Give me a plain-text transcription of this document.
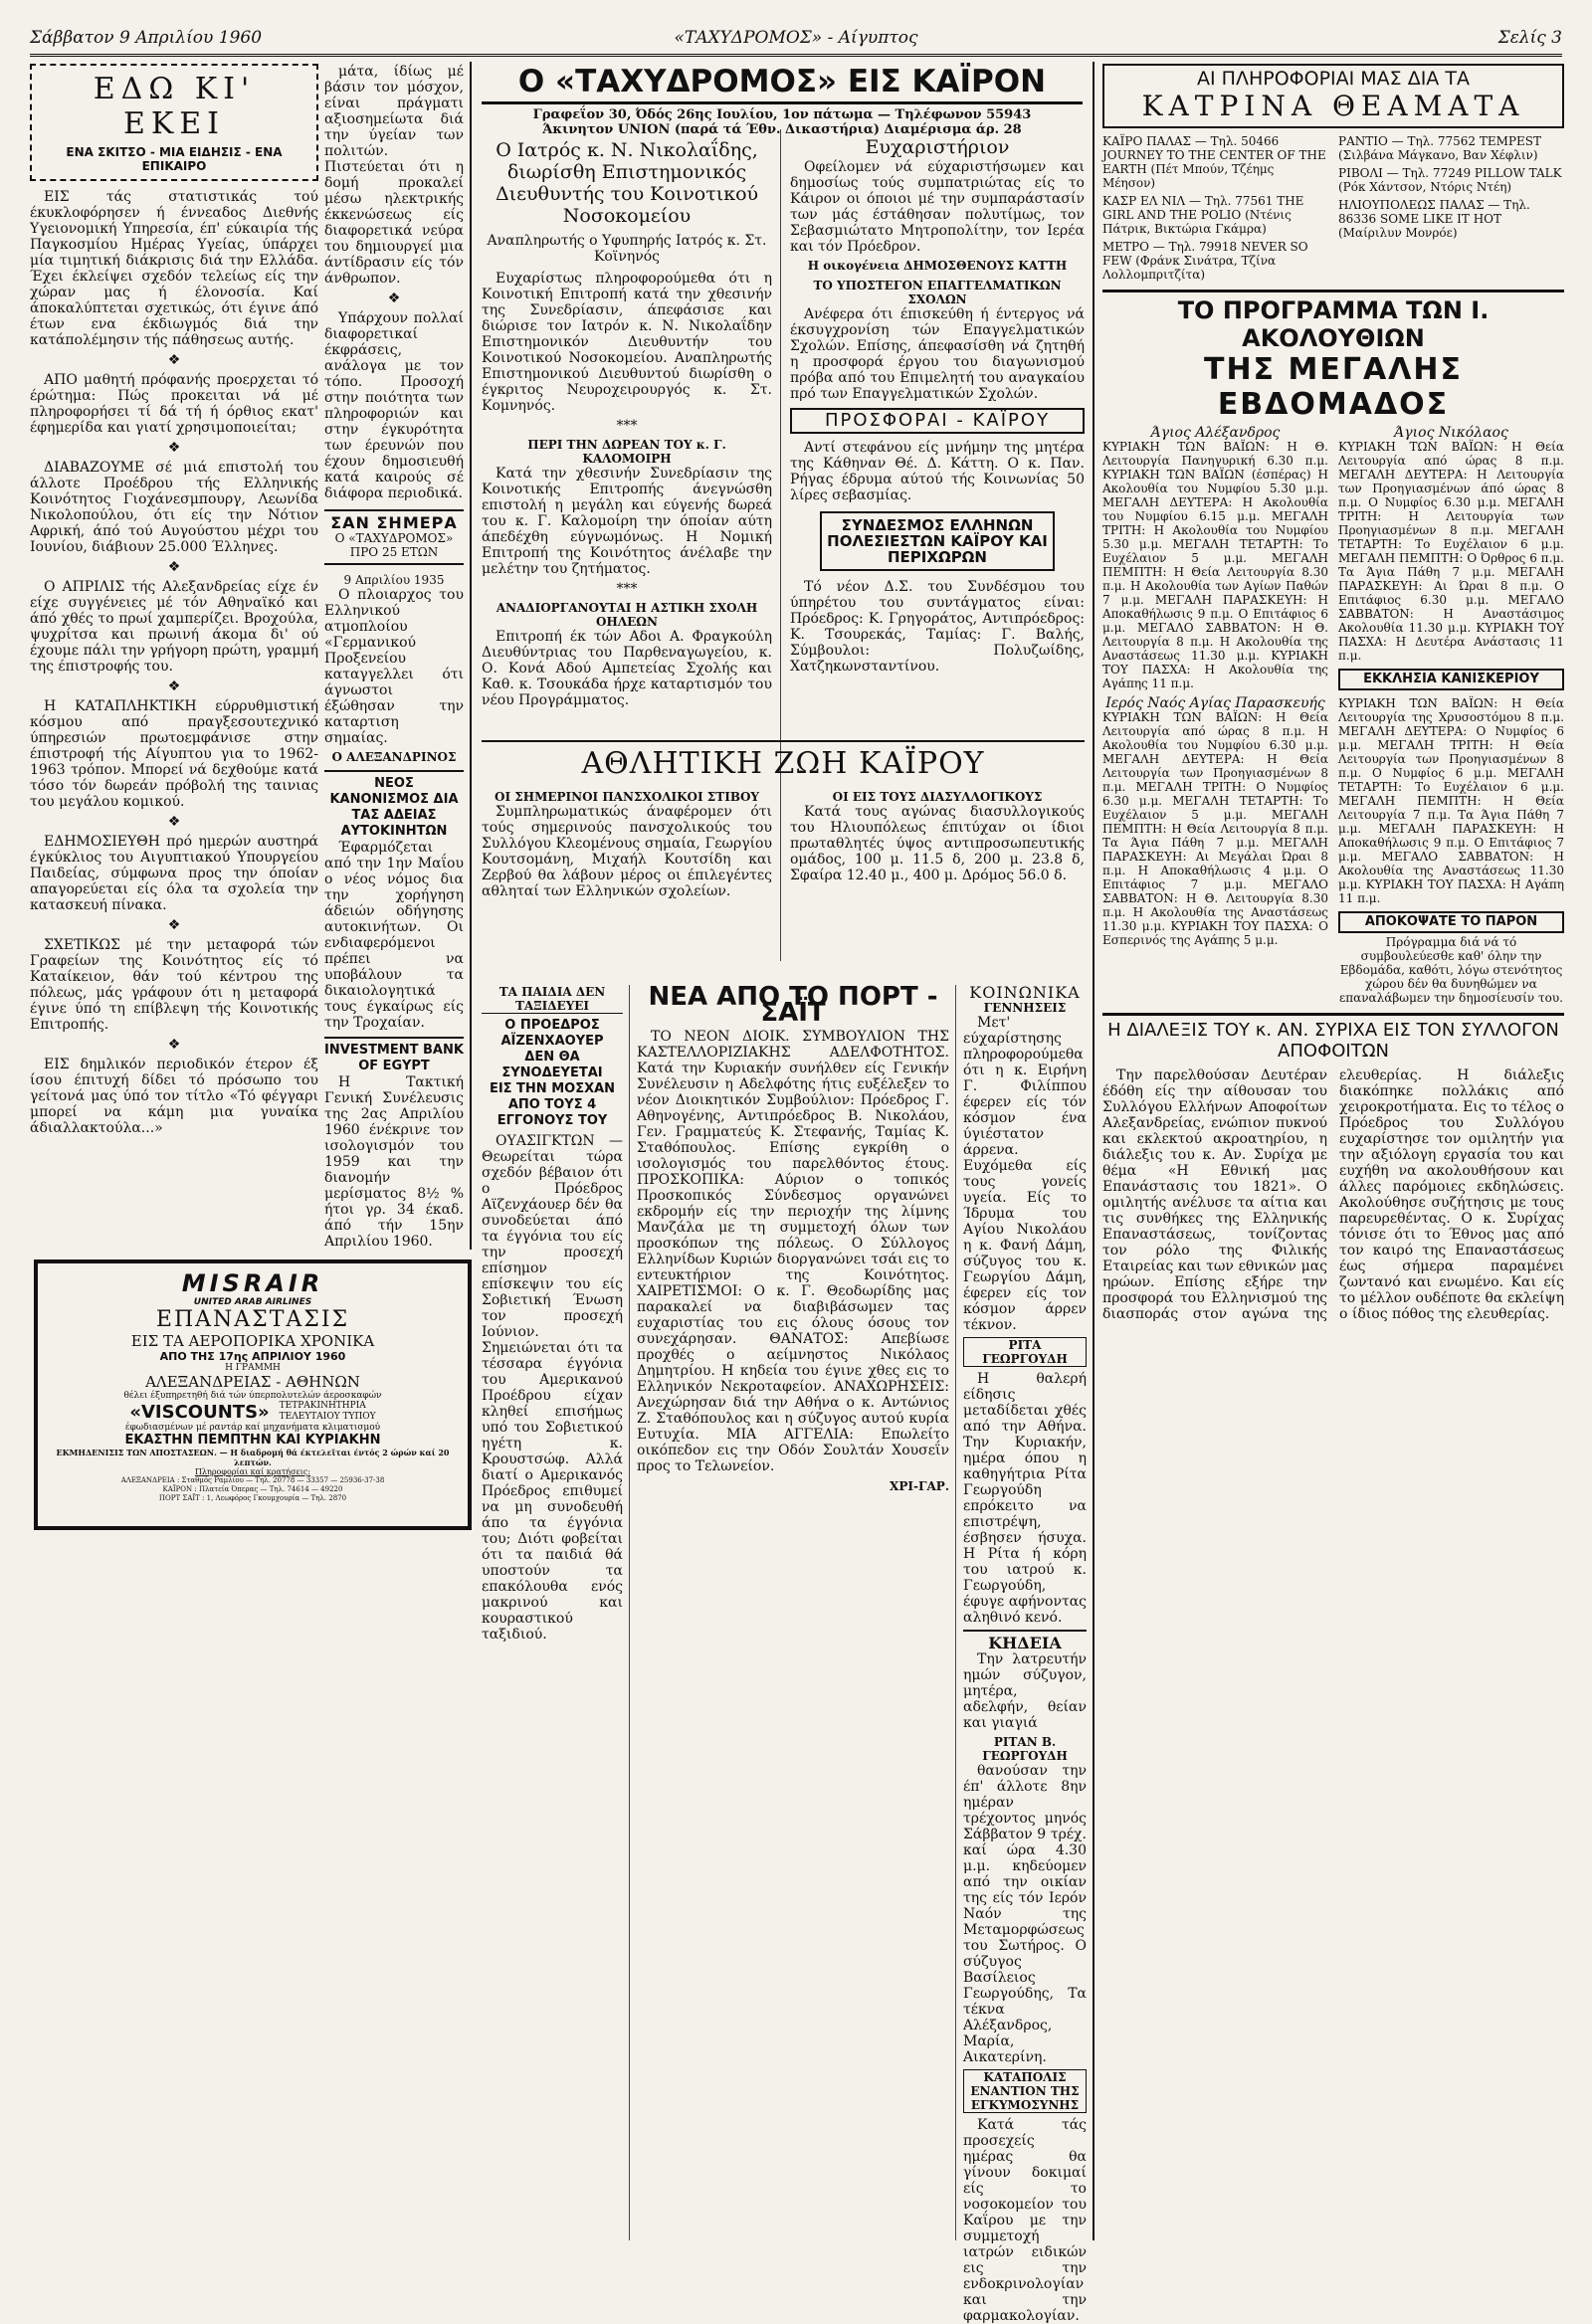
Σάββατον 9 Απριλίου 1960	«ΤΑΧΥΔΡΟΜΟΣ» - Αίγυπτος	Σελίς 3
ΕΔΩ ΚΙ' ΕΚΕΙ
ΕΝΑ ΣΚΙΤΣΟ - ΜΙΑ ΕΙΔΗΣΙΣ - ΕΝΑ ΕΠΙΚΑΙΡΟ

ΕΙΣ τάς στατιστικάς τού έκυκλοφόρησεν ή έννεαδος Διεθνής Υγειονομική Υπηρεσία, έπ' εύκαιρία τής Παγκοσμίου Ημέρας Υγείας, ύπάρχει μία τιμητική διάκρισις διά την Ελλάδα. Έχει έκλείψει σχεδόν τελείως είς την χώραν μας ή έλονοσία. Καί άποκαλύπτεται σχετικώς, ότι έγινε άπό έτων ενα έκδιωγμός διά την κατάπολέμησιν τής πάθησεως αυτής.

❖

ΑΠΟ μαθητή πρόφανής προερχεται τό έρώτημα: Πώς προκειται νά μέ πληροφορήσει τί δά τή ή όρθιος εκατ' έφημερίδα και γιατί χρησιμοποιείται;

❖

ΔΙΑΒΑΖΟΥΜΕ σέ μιά επιστολή του άλλοτε Προέδρου τής Ελληνικής Κοινότητος Γιοχάνεσμπουργ, Λεωνίδα Νικολοπούλου, ότι είς την Νότιον Αφρική, άπό τού Αυγούστου μέχρι του Ιουνίου, διάβιουν 25.000 Έλληνες.

❖

Ο ΑΠΡΙΛΙΣ τής Αλεξανδρείας είχε έν είχε συγγένειες μέ τόν Αθηναϊκό και άπό χθές το πρωί χαμπερίζει. Βροχούλα, ψυχρίτσα και πρωινή άκομα δι' ού έχουμε πάλι την γρήγορη πρώτη, γραμμή της έπιστροφής του.

❖

Η ΚΑΤΑΠΛΗΚΤΙΚΗ εύρρυθμιστική κόσμου από πραγξεσουτεχνικό ύπηρεσιών πρωτοεμφάνισε στην έπιστροφή τής Αίγυπτου για το 1962-1963 τρόπον. Μπορεί νά δεχθούμε κατά τόσο τόν δωρεάν πρόβολή της ταινιας του μεγάλου κομικού.

❖

ΕΔΗΜΟΣΙΕΥΘΗ πρό ημερών αυστηρά έγκύκλιος του Αιγυπτιακού Υπουργείου Παιδείας, σύμφωνα προς την όποίαν απαγορεύεται είς όλα τα σχολεία την κατασκευή πίνακα.

❖

ΣΧΕΤΙΚΩΣ μέ την μεταφορά τών Γραφείων της Κοινότητος είς τό Καταίκειον, θάν τού κέντρου της πόλεως, μάς γράφουν ότι η μεταφορά έγινε ύπό τη επίβλεψη τής Κοινοτικής Επιτροπής.

❖

ΕΙΣ δημλικόν περιοδικόν έτερον έξ ίσου έπιτυχή δίδει τό πρόσωπο του γείτονά μας ύπό τον τίτλο «Τό φέγγαρι μπορεί να κάμη μια γυναίκα άδιαλλακτούλα...»

μάτα, ίδίως μέ βάσιν τον μόσχον, είναι πράγματι αξιοσημείωτα διά την ύγείαν των πολιτών. Πιστεύεται ότι η δομή προκαλεί μέσω ηλεκτρικής έκκενώσεως είς διαφορετικά νεύρα του δημιουργεί μια άντίδρασιν είς τόν άνθρωπον.

❖

Υπάρχουν πολλαί διαφορετικαί έκφράσεις, ανάλογα με τον τόπο. Προσοχή στην ποιότητα των πληροφοριών και στην έγκυρότητα των έρευνών που έχουν δημοσιευθή κατά καιρούς σέ διάφορα περιοδικά.

ΣΑΝ ΣΗΜΕΡΑ
Ο «ΤΑΧΥΔΡΟΜΟΣ» ΠΡΟ 25 ΕΤΩΝ
9 Απριλίου 1935

Ο πλοιαρχος του Ελληνικού ατμοπλοίου «Γερμανικού Προξενείου καταγγελλει ότι άγνωστοι έξώθησαν την καταρτιση σημαίας.

Ο ΑΛΕΞΑΝΔΡΙΝΟΣ
ΝΕΟΣ ΚΑΝΟΝΙΣΜΟΣ ΔΙΑ ΤΑΣ ΑΔΕΙΑΣ ΑΥΤΟΚΙΝΗΤΩΝ

Έφαρμόζεται από την 1ην Μαΐου ο νέος νόμος δια την χορήγηση άδειών οδήγησης αυτοκινήτων. Οι ενδιαφερόμενοι πρέπει να υποβάλουν τα δικαιολογητικά τους έγκαίρως είς την Τροχαίαν.

INVESTMENT BANK OF EGYPT

Η Τακτική Γενική Συνέλευσις της 2ας Απριλίου 1960 ένέκρινε τον ισολογισμόν του 1959 και την διανομήν μερίσματος 8½ % ήτοι γρ. 34 έκαδ. άπό τήν 15ην Απριλίου 1960.

Ο «ΤΑΧΥΔΡΟΜΟΣ» ΕΙΣ ΚΑΪΡΟΝ
Γραφεΐον 30, Όδός 26ης Ιουλίου, 1ον πάτωμα — Τηλέφωνον 55943
Άκινητον UNION (παρά τά Έθν. Δικαστήρια) Διαμέρισμα άρ. 28
Ο Ιατρός κ. Ν. Νικολαΐδης, διωρίσθη Επιστημονικός Διευθυντής του Κοινοτικού Νοσοκομείου
Αναπληρωτής ο Υφυπηρής Ιατρός κ. Στ. Κοϊνηνός

Ευχαρίστως πληροφορούμεθα ότι η Κοινοτική Επιτροπή κατά την χθεσινήν της Συνεδρίασιν, άπεφάσισε και διώρισε τον Ιατρόν κ. Ν. Νικολαΐδην Επιστημονικόν Διευθυντήν του Κοινοτικού Νοσοκομείου. Αναπληρωτής Επιστημονικού Διευθυντού διωρίσθη ο έγκριτος Νευροχειρουργός κ. Στ. Κομνηνός.

***
ΠΕΡΙ ΤΗΝ ΔΩΡΕΑΝ ΤΟΥ κ. Γ. ΚΑΛΟΜΟΙΡΗ

Κατά την χθεσινήν Συνεδρίασιν της Κοινοτικής Επιτροπής άνεγνώσθη επιστολή η μεγάλη και εύγενής δωρεά του κ. Γ. Καλομοίρη την όποίαν αύτη άπεδέχθη εύγνωμόνως. Η Νομική Επιτροπή της Κοινότητος άνέλαβε την μελέτην του ζητήματος.

***
ΑΝΑΔΙΟΡΓΑΝΟΥΤΑΙ Η ΑΣΤΙΚΗ ΣΧΟΛΗ ΟΗΛΕΩΝ

Επιτροπή έκ τών Αδοι Α. Φραγκούλη Διευθύντριας του Παρθεναγωγείου, κ. Ο. Κονά Αδού Αμπετείας Σχολής και Καθ. κ. Τσουκάδα ήρχε καταρτισμόν του νέου Προγράμματος.

Ευχαριστήριον

Οφείλομεν νά εύχαριστήσωμεν και δημοσίως τούς συμπατριώτας είς το Κάιρον οι όποιοι μέ την συμπαράστασίν των μάς έστάθησαν πολυτίμως, τον Σεβασμιώτατο Μητροπολίτην, τον Ιερέα και τόν Πρόεδρον.

Η οικογένεια ΔΗΜΟΣΘΕΝΟΥΣ ΚΑΤΤΗ
ΤΟ ΥΠΟΣΤΕΓΟΝ ΕΠΑΓΓΕΛΜΑΤΙΚΩΝ ΣΧΟΛΩΝ

Ανέφερα ότι έπισκεύθη ή έντεργος νά έκσυγχρονίση τών Επαγγελματικών Σχολών. Επίσης, άπεφασίσθη νά ζητηθή η προσφορά έργου του διαγωνισμού πρόβα από του Επιμελητή του αναγκαίου πρό των Επαγγελματικών Σχολών.

ΠΡΟΣΦΟΡΑΙ - ΚΑΪΡΟΥ

Αντί στεφάνου είς μνήμην της μητέρα της Κάθηναν Θέ. Δ. Κάττη. Ο κ. Παν. Ρήγας έδρυμα αύτού τής Κοινωνίας 50 λίρες σεβασμίας.

ΣΥΝΔΕΣΜΟΣ ΕΛΛΗΝΩΝ ΠΟΛΕΣΙΕΣΤΩΝ ΚΑΪΡΟΥ ΚΑΙ ΠΕΡΙΧΩΡΩΝ

Τό νέον Δ.Σ. του Συνδέσμου του ύπηρέτου του συντάγματος είναι: Πρόεδρος: Κ. Γρηγοράτος, Αντιπρόεδρος: Κ. Τσουρεκάς, Ταμίας: Γ. Βαλής, Σύμβουλοι: Πολυζωίδης, Χατζηκωνσταντίνου.

ΑΘΛΗΤΙΚΗ ΖΩΗ ΚΑΪΡΟΥ
ΟΙ ΣΗΜΕΡΙΝΟΙ ΠΑΝΣΧΟΛΙΚΟΙ ΣΤΙΒΟΥ

Συμπληρωματικώς άναφέρομεν ότι τούς σημερινούς πανσχολικούς του Συλλόγου Κλεομένους σημαία, Γεωργίου Κουτσομάνη, Μιχαήλ Κουτσίδη και Ζερβού θα λάβουν μέρος οι έπιλεγέντες αθληταί των Ελληνικών σχολείων.

ΟΙ ΕΙΣ ΤΟΥΣ ΔΙΑΣΥΛΛΟΓΙΚΟΥΣ

Κατά τους αγώνας διασυλλογικούς του Ηλιουπόλεως έπιτύχαν οι ίδιοι πρωταθλητές ύψος αντιπροσωπευτικής ομάδος, 100 μ. 11.5 δ, 200 μ. 23.8 δ, Σφαίρα 12.40 μ., 400 μ. Δρόμος 56.0 δ.

ΤΑ ΠΑΙΔΙΑ ΔΕΝ ΤΑΞΙΔΕΥΕΙ
Ο ΠΡΟΕΔΡΟΣ ΑΪΖΕΝΧΑΟΥΕΡ
ΔΕΝ ΘΑ ΣΥΝΟΔΕΥΕΤΑΙ
ΕΙΣ ΤΗΝ ΜΟΣΧΑΝ
ΑΠΟ ΤΟΥΣ 4 ΕΓΓΟΝΟΥΣ ΤΟΥ

ΟΥΑΣΙΓΚΤΩΝ — Θεωρείται τώρα σχεδόν βέβαιον ότι ο Πρόεδρος Αϊζενχάουερ δέν θα συνοδεύεται άπό τα έγγόνια του είς την προσεχή επίσημον επίσκεψιν του είς Σοβιετική Ένωση τον προσεχή Ιούνιον. Σημειώνεται ότι τα τέσσαρα έγγόνια του Αμερικανού Προέδρου είχαν κληθεί επισήμως υπό του Σοβιετικού ηγέτη κ. Κρουστσώφ. Αλλά διατί ο Αμερικανός Πρόεδρος επιθυμεί να μη συνοδευθή άπο τα έγγόνια του; Διότι φοβείται ότι τα παιδιά θά υποστούν τα επακόλουθα ενός μακρινού και κουραστικού ταξιδιού.

ΝΕΑ ΑΠΟ ΤΟ ΠΟΡΤ - ΣΑΪΤ

ΤΟ ΝΕΟΝ ΔΙΟΙΚ. ΣΥΜΒΟΥΛΙΟΝ ΤΗΣ ΚΑΣΤΕΛΛΟΡΙΖΙΑΚΗΣ ΑΔΕΛΦΟΤΗΤΟΣ. Κατά την Κυριακήν συνήλθεν είς Γενικήν Συνέλευσιν η Αδελφότης ήτις ευξέλεξεν το νέον Διοικητικόν Συμβούλιον: Πρόεδρος Γ. Αθηνογένης, Αντιπρόεδρος Β. Νικολάου, Γεν. Γραμματεύς Κ. Στεφανής, Ταμίας Κ. Σταθόπουλος. Επίσης εγκρίθη ο ισολογισμός του παρελθόντος έτους. ΠΡΟΣΚΟΠΙΚΑ: Αύριον ο τοπικός Προσκοπικός Σύνδεσμος οργανώνει εκδρομήν είς την περιοχήν της λίμνης Μανζάλα με τη συμμετοχή όλων των προσκόπων της πόλεως. Ο Σύλλογος Ελληνίδων Κυριών διοργανώνει τσάι εις το εντευκτήριον της Κοινότητος. ΧΑΙΡΕΤΙΣΜΟΙ: Ο κ. Γ. Θεοδωρίδης μας παρακαλεί να διαβιβάσωμεν τας ευχαριστίας του εις όλους όσους τον συνεχάρησαν. ΘΑΝΑΤΟΣ: Απεβίωσε προχθές ο αείμνηστος Νικόλαος Δημητρίου. Η κηδεία του έγινε χθες εις το Ελληνικόν Νεκροταφείον. ΑΝΑΧΩΡΗΣΕΙΣ: Ανεχώρησαν διά την Αθήνα ο κ. Αντώνιος Ζ. Σταθόπουλος και η σύζυγος αυτού κυρία Ευτυχία. ΜΙΑ ΑΓΓΕΛΙΑ: Επωλείτο οικόπεδον εις την Οδόν Σουλτάν Χουσεΐν προς το Τελωνείον.

ΧΡΙ-ΓΑΡ.
ΚΟΙΝΩΝΙΚΑ
ΓΕΝΝΗΣΕΙΣ

Μετ' εύχαρίστησης πληροφορούμεθα ότι η κ. Ειρήνη Γ. Φιλίππου έφερεν είς τόν κόσμον ένα ύγιέστατον άρρενα. Ευχόμεθα είς τους γονείς υγεία. Είς το Ίδρυμα του Αγίου Νικολάου η κ. Φανή Δάμη, σύζυγος του κ. Γεωργίου Δάμη, έφερεν είς τον κόσμον άρρεν τέκνον.

ΡΙΤΑ ΓΕΩΡΓΟΥΔΗ

Η θαλερή είδησις μεταδίδεται χθές από την Αθήνα. Την Κυριακήν, ημέρα όπου η καθηγήτρια Ρίτα Γεωργούδη επρόκειτο να επιστρέψη, έσβησεν ήσυχα. Η Ρίτα ή κόρη του ιατρού κ. Γεωργούδη, έφυγε αφήνοντας αληθινό κενό.

ΚΗΔΕΙΑ

Την λατρευτήν ημών σύζυγον, μητέρα, αδελφήν, θείαν και γιαγιά

ΡΙΤΑΝ Β. ΓΕΩΡΓΟΥΔΗ

θανούσαν την έπ' άλλοτε 8ην ημέραν τρέχοντος μηνός Σάββατον 9 τρέχ. καί ώρα 4.30 μ.μ. κηδεύομεν από την οικίαν της είς τόν Ιερόν Ναόν της Μεταμορφώσεως του Σωτήρος. Ο σύζυγος Βασίλειος Γεωργούδης, Τα τέκνα Αλέξανδρος, Μαρία, Αικατερίνη.

ΚΑΤΑΠΟΛΙΣ ΕΝΑΝΤΙΟΝ ΤΗΣ ΕΓΚΥΜΟΣΥΝΗΣ

Κατά τάς προσεχείς ημέρας θα γίνουν δοκιμαί είς το νοσοκομείον του Καΐρου με την συμμετοχή ιατρών ειδικών εις την ενδοκρινολογίαν και την φαρμακολογίαν.

MISRAIR
UNITED ARAB AIRLINES
ΕΠΑΝΑΣΤΑΣΙΣ
ΕΙΣ ΤΑ ΑΕΡΟΠΟΡΙΚΑ ΧΡΟΝΙΚΑ
ΑΠΟ ΤΗΣ 17ης ΑΠΡΙΛΙΟΥ 1960
Η ΓΡΑΜΜΗ
ΑΛΕΞΑΝΔΡΕΙΑΣ - ΑΘΗΝΩΝ
θέλει έξυπηρετηθή διά τών ύπερπολυτελών άεροσκαφών
«VISCOUNTS» ΤΕΤΡΑΚΙΝΗΤΗΡΙΑ
ΤΕΛΕΥΤΑΙΟΥ ΤΥΠΟΥ
έφωδιασμένων μέ ραντάρ καί μηχανήματα κλιματισμού
ΕΚΑΣΤΗΝ ΠΕΜΠΤΗΝ ΚΑΙ ΚΥΡΙΑΚΗΝ
ΕΚΜΗΔΕΝΙΣΙΣ ΤΩΝ ΑΠΟΣΤΑΣΕΩΝ. — Η διαδρομή θά έκτελεῖται έντός 2 ώρών καί 20 λεπτών.
Πληροφορίαι καί κρατήσεις:
ΑΛΕΞΑΝΔΡΕΙΑ : Σταθμός Ραμλίου — Τηλ. 20778 — 33357 — 25936-37-38
ΚΑΪΡΟΝ : Πλατεία Όπερας — Τηλ. 74614 — 49220
ΠΟΡΤ ΣΑΪΤ : 1, Λεωφόρος Γκουμχουρία — Τηλ. 2870
ΑΙ ΠΛΗΡΟΦΟΡΙΑΙ ΜΑΣ ΔΙΑ ΤΑ
ΚΑΤΡΙΝΑ ΘΕΑΜΑΤΑ
ΚΑΪΡΟ ΠΑΛΑΣ — Τηλ. 50466 JOURNEY TO THE CENTER OF THE EARTH (Πέτ Μπούν, Τζέημς Μέησον)
ΚΑΣΡ ΕΛ ΝΙΛ — Τηλ. 77561 THE GIRL AND THE POLIO (Ντένις Πάτρικ, Βικτώρια Γκάμρα)
ΜΕΤΡΟ — Τηλ. 79918 NEVER SO FEW (Φράνκ Σινάτρα, Τζίνα Λολλομπριτζίτα)
ΡΑΝΤΙΟ — Τηλ. 77562 TEMPEST (Σιλβάνα Μάγκανο, Βαν Χέφλιν)
ΡΙΒΟΛΙ — Τηλ. 77249 PILLOW TALK (Ρόκ Χάντσον, Ντόρις Ντέη)
ΗΛΙΟΥΠΟΛΕΩΣ ΠΑΛΑΣ — Τηλ. 86336 SOME LIKE IT HOT (Μαίριλυν Μονρόε)
ΤΟ ΠΡΟΓΡΑΜΜΑ ΤΩΝ Ι. ΑΚΟΛΟΥΘΙΩΝ
ΤΗΣ ΜΕΓΑΛΗΣ ΕΒΔΟΜΑΔΟΣ
Άγιος Αλέξανδρος

ΚΥΡΙΑΚΗ ΤΩΝ ΒΑΪΩΝ: Η Θ. Λειτουργία Πανηγυρική 6.30 π.μ. ΚΥΡΙΑΚΗ ΤΩΝ ΒΑΪΩΝ (έσπέρας) Η Ακολουθία του Νυμφίου 5.30 μ.μ. ΜΕΓΑΛΗ ΔΕΥΤΕΡΑ: Η Ακολουθία του Νυμφίου 6.15 μ.μ. ΜΕΓΑΛΗ ΤΡΙΤΗ: Η Ακολουθία του Νυμφίου 5.30 μ.μ. ΜΕΓΑΛΗ ΤΕΤΑΡΤΗ: Το Ευχέλαιον 5 μ.μ. ΜΕΓΑΛΗ ΠΕΜΠΤΗ: Η Θεία Λειτουργία 8.30 π.μ. Η Ακολουθία των Αγίων Παθών 7 μ.μ. ΜΕΓΑΛΗ ΠΑΡΑΣΚΕΥΗ: Η Αποκαθήλωσις 9 π.μ. Ο Επιτάφιος 6 μ.μ. ΜΕΓΑΛΟ ΣΑΒΒΑΤΟΝ: Η Θ. Λειτουργία 8 π.μ. Η Ακολουθία της Αναστάσεως 11.30 μ.μ. ΚΥΡΙΑΚΗ ΤΟΥ ΠΑΣΧΑ: Η Ακολουθία της Αγάπης 11 π.μ.

Ιερός Ναός Αγίας Παρασκευής

ΚΥΡΙΑΚΗ ΤΩΝ ΒΑΪΩΝ: Η Θεία Λειτουργία από ώρας 8 π.μ. Η Ακολουθία του Νυμφίου 6.30 μ.μ. ΜΕΓΑΛΗ ΔΕΥΤΕΡΑ: Η Θεία Λειτουργία των Προηγιασμένων 8 π.μ. ΜΕΓΑΛΗ ΤΡΙΤΗ: Ο Νυμφίος 6.30 μ.μ. ΜΕΓΑΛΗ ΤΕΤΑΡΤΗ: Το Ευχέλαιον 5 μ.μ. ΜΕΓΑΛΗ ΠΕΜΠΤΗ: Η Θεία Λειτουργία 8 π.μ. Τα Άγια Πάθη 7 μ.μ. ΜΕΓΑΛΗ ΠΑΡΑΣΚΕΥΗ: Αι Μεγάλαι Ώραι 8 π.μ. Η Αποκαθήλωσις 4 μ.μ. Ο Επιτάφιος 7 μ.μ. ΜΕΓΑΛΟ ΣΑΒΒΑΤΟΝ: Η Θ. Λειτουργία 8.30 π.μ. Η Ακολουθία της Αναστάσεως 11.30 μ.μ. ΚΥΡΙΑΚΗ ΤΟΥ ΠΑΣΧΑ: Ο Εσπερινός της Αγάπης 5 μ.μ.

Άγιος Νικόλαος

ΚΥΡΙΑΚΗ ΤΩΝ ΒΑΪΩΝ: Η Θεία Λειτουργία από ώρας 8 π.μ. ΜΕΓΑΛΗ ΔΕΥΤΕΡΑ: Η Λειτουργία των Προηγιασμένων άπό ώρας 8 π.μ. Ο Νυμφίος 6.30 μ.μ. ΜΕΓΑΛΗ ΤΡΙΤΗ: Η Λειτουργία των Προηγιασμένων 8 π.μ. ΜΕΓΑΛΗ ΤΕΤΑΡΤΗ: Το Ευχέλαιον 6 μ.μ. ΜΕΓΑΛΗ ΠΕΜΠΤΗ: Ο Όρθρος 6 π.μ. Τα Άγια Πάθη 7 μ.μ. ΜΕΓΑΛΗ ΠΑΡΑΣΚΕΥΗ: Αι Ώραι 8 π.μ. Ο Επιτάφιος 6.30 μ.μ. ΜΕΓΑΛΟ ΣΑΒΒΑΤΟΝ: Η Αναστάσιμος Ακολουθία 11.30 μ.μ. ΚΥΡΙΑΚΗ ΤΟΥ ΠΑΣΧΑ: Η Δευτέρα Ανάστασις 11 π.μ.

ΕΚΚΛΗΣΙΑ ΚΑΝΙΣΚΕΡΙΟΥ

ΚΥΡΙΑΚΗ ΤΩΝ ΒΑΪΩΝ: Η Θεία Λειτουργία της Χρυσοστόμου 8 π.μ. ΜΕΓΑΛΗ ΔΕΥΤΕΡΑ: Ο Νυμφίος 6 μ.μ. ΜΕΓΑΛΗ ΤΡΙΤΗ: Η Θεία Λειτουργία των Προηγιασμένων 8 π.μ. Ο Νυμφίος 6 μ.μ. ΜΕΓΑΛΗ ΤΕΤΑΡΤΗ: Το Ευχέλαιον 6 μ.μ. ΜΕΓΑΛΗ ΠΕΜΠΤΗ: Η Θεία Λειτουργία 7 π.μ. Τα Άγια Πάθη 7 μ.μ. ΜΕΓΑΛΗ ΠΑΡΑΣΚΕΥΗ: Η Αποκαθήλωσις 9 π.μ. Ο Επιτάφιος 7 μ.μ. ΜΕΓΑΛΟ ΣΑΒΒΑΤΟΝ: Η Ακολουθία της Αναστάσεως 11.30 μ.μ. ΚΥΡΙΑΚΗ ΤΟΥ ΠΑΣΧΑ: Η Αγάπη 11 π.μ.

ΑΠΟΚΟΨΑΤΕ ΤΟ ΠΑΡΟΝ

Πρόγραμμα διά νά τό συμβουλεύεσθε καθ' όλην την Εβδομάδα, καθότι, λόγω στενότητος χώρου δέν θα δυνηθώμεν να επαναλάβωμεν την δημοσίευσίν του.

Η ΔΙΑΛΕΞΙΣ ΤΟΥ κ. ΑΝ. ΣΥΡΙΧΑ ΕΙΣ ΤΟΝ ΣΥΛΛΟΓΟΝ ΑΠΟΦΟΙΤΩΝ

Την παρελθούσαν Δευτέραν έδόθη είς την αίθουσαν του Συλλόγου Ελλήνων Αποφοίτων Αλεξανδρείας, ενώπιον πυκνού και εκλεκτού ακροατηρίου, η διάλεξις του κ. Αν. Συρίχα με θέμα «Η Εθνική μας Επανάστασις του 1821». Ο ομιλητής ανέλυσε τα αίτια και τις συνθήκες της Ελληνικής Επαναστάσεως, τονίζοντας τον ρόλο της Φιλικής Εταιρείας και των εθνικών μας ηρώων. Επίσης εξήρε την προσφορά του Ελληνισμού της διασποράς στον αγώνα της ελευθερίας. Η διάλεξις διακόπηκε πολλάκις από χειροκροτήματα. Εις το τέλος ο Πρόεδρος του Συλλόγου ευχαρίστησε τον ομιλητήν για την αξιόλογη εργασία του και ευχήθη να ακολουθήσουν και άλλες παρόμοιες εκδηλώσεις. Ακολούθησε συζήτησις με τους παρευρεθέντας. Ο κ. Συρίχας τόνισε ότι το Έθνος μας από τον καιρό της Επαναστάσεως έως σήμερα παραμένει ζωντανό και ενωμένο. Και είς το μέλλον ουδέποτε θα εκλείψη ο ίδιος πόθος της ελευθερίας.
